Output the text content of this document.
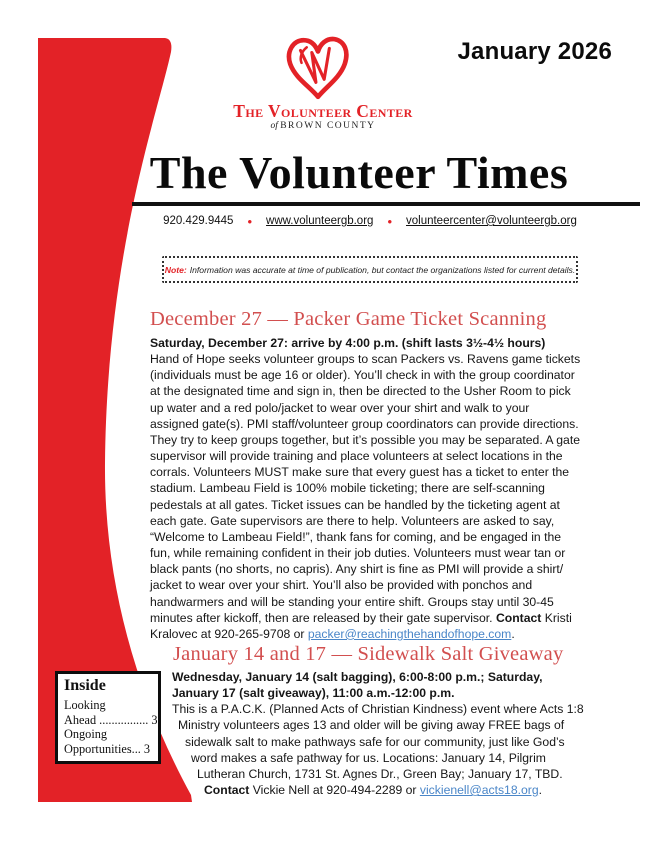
January 2026
The Volunteer Center
of BROWN COUNTY
The Volunteer Times
920.429.9445 • www.volunteergb.org • volunteercenter@volunteergb.org
Note: Information was accurate at time of publication, but contact the organizations listed for current details.
December 27 — Packer Game Ticket Scanning
Saturday, December 27: arrive by 4:00 p.m. (shift lasts 3½-4½ hours)
Hand of Hope seeks volunteer groups to scan Packers vs. Ravens game tickets
(individuals must be age 16 or older). You’ll check in with the group coordinator
at the designated time and sign in, then be directed to the Usher Room to pick
up water and a red polo/jacket to wear over your shirt and walk to your
assigned gate(s). PMI staff/volunteer group coordinators can provide directions.
They try to keep groups together, but it’s possible you may be separated. A gate
supervisor will provide training and place volunteers at select locations in the
corrals. Volunteers MUST make sure that every guest has a ticket to enter the
stadium. Lambeau Field is 100% mobile ticketing; there are self-scanning
pedestals at all gates. Ticket issues can be handled by the ticketing agent at
each gate. Gate supervisors are there to help. Volunteers are asked to say,
“Welcome to Lambeau Field!”, thank fans for coming, and be engaged in the
fun, while remaining confident in their job duties. Volunteers must wear tan or
black pants (no shorts, no capris). Any shirt is fine as PMI will provide a shirt/
jacket to wear over your shirt. You’ll also be provided with ponchos and
handwarmers and will be standing your entire shift. Groups stay until 30-45
minutes after kickoff, then are released by their gate supervisor. Contact Kristi
Kralovec at 920-265-9708 or packer@reachingthehandofhope.com.
January 14 and 17 — Sidewalk Salt Giveaway
Wednesday, January 14 (salt bagging), 6:00-8:00 p.m.; Saturday,
January 17 (salt giveaway), 11:00 a.m.-12:00 p.m.
This is a P.A.C.K. (Planned Acts of Christian Kindness) event where Acts 1:8
Ministry volunteers ages 13 and older will be giving away FREE bags of
sidewalk salt to make pathways safe for our community, just like God’s
word makes a safe pathway for us. Locations: January 14, Pilgrim
Lutheran Church, 1731 St. Agnes Dr., Green Bay; January 17, TBD.
Contact Vickie Nell at 920-494-2289 or vickienell@acts18.org.
Inside
Looking
Ahead ................ 3
Ongoing
Opportunities... 3
